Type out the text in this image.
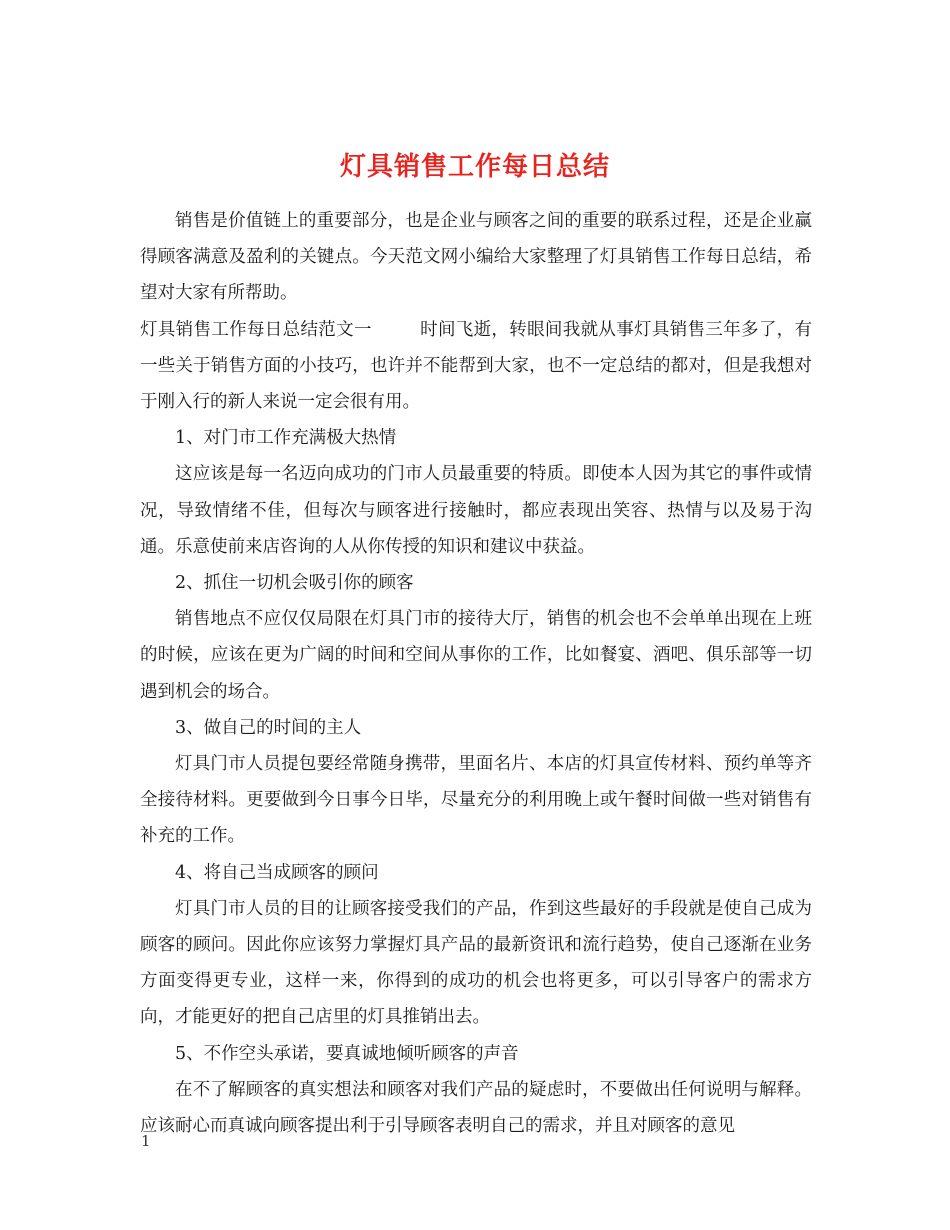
灯具销售工作每日总结

销售是价值链上的重要部分，也是企业与顾客之间的重要的联系过程，还是企业赢得顾客满意及盈利的关键点。今天范文网小编给大家整理了灯具销售工作每日总结，希望对大家有所帮助。

灯具销售工作每日总结范文一	时间飞逝，转眼间我就从事灯具销售三年多了，有一些关于销售方面的小技巧，也许并不能帮到大家，也不一定总结的都对，但是我想对于刚入行的新人来说一定会很有用。

1、对门市工作充满极大热情

这应该是每一名迈向成功的门市人员最重要的特质。即使本人因为其它的事件或情况，导致情绪不佳，但每次与顾客进行接触时，都应表现出笑容、热情与以及易于沟通。乐意使前来店咨询的人从你传授的知识和建议中获益。

2、抓住一切机会吸引你的顾客

销售地点不应仅仅局限在灯具门市的接待大厅，销售的机会也不会单单出现在上班的时候，应该在更为广阔的时间和空间从事你的工作，比如餐宴、酒吧、俱乐部等一切遇到机会的场合。

3、做自己的时间的主人

灯具门市人员提包要经常随身携带，里面名片、本店的灯具宣传材料、预约单等齐全接待材料。更要做到今日事今日毕，尽量充分的利用晚上或午餐时间做一些对销售有补充的工作。

4、将自己当成顾客的顾问

灯具门市人员的目的让顾客接受我们的产品，作到这些最好的手段就是使自己成为顾客的顾问。因此你应该努力掌握灯具产品的最新资讯和流行趋势，使自己逐渐在业务方面变得更专业，这样一来，你得到的成功的机会也将更多，可以引导客户的需求方向，才能更好的把自己店里的灯具推销出去。

5、不作空头承诺，要真诚地倾听顾客的声音

在不了解顾客的真实想法和顾客对我们产品的疑虑时，不要做出任何说明与解释。应该耐心而真诚向顾客提出利于引导顾客表明自己的需求，并且对顾客的意见

1
